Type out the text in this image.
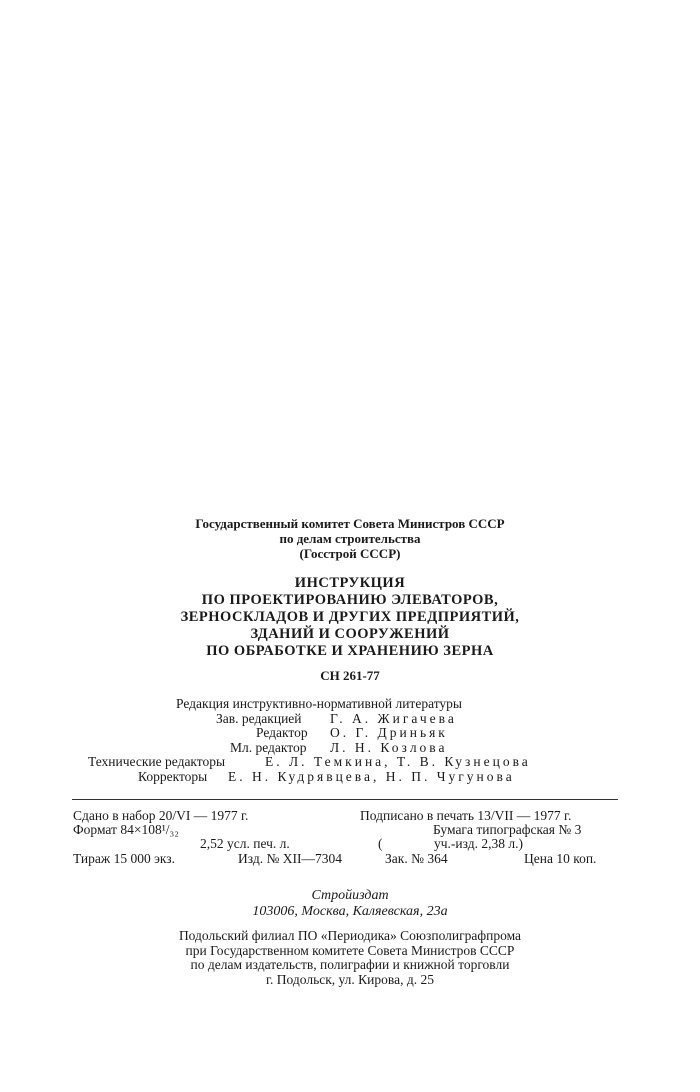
Государственный комитет Совета Министров СССР
по делам строительства
(Госстрой СССР)
ИНСТРУКЦИЯ
ПО ПРОЕКТИРОВАНИЮ ЭЛЕВАТОРОВ,
ЗЕРНОСКЛАДОВ И ДРУГИХ ПРЕДПРИЯТИЙ,
ЗДАНИЙ И СООРУЖЕНИЙ
ПО ОБРАБОТКЕ И ХРАНЕНИЮ ЗЕРНА
СН 261-77
Редакция инструктивно-нормативной литературы
Зав. редакцией Г. А. Жигачева
Редактор О. Г. Дриньяк
Мл. редактор Л. Н. Козлова
Технические редакторы	Е. Л. Темкина, Т. В. Кузнецова
Корректоры Е. Н. Кудрявцева, Н. П. Чугунова
Сдано в набор 20/VI — 1977 г.	Подписано в печать 13/VII — 1977 г.
Формат 84×108¹/₃₂	Бумага типографская № 3
2,52 усл. печ. л.	(	уч.-изд. 2,38 л.)
Тираж 15 000 экз.	Изд. № XII—7304	Зак. № 364	Цена 10 коп.
Стройиздат
103006, Москва, Каляевская, 23а
Подольский филиал ПО «Периодика» Союзполиграфпрома
при Государственном комитете Совета Министров СССР
по делам издательств, полиграфии и книжной торговли
г. Подольск, ул. Кирова, д. 25
